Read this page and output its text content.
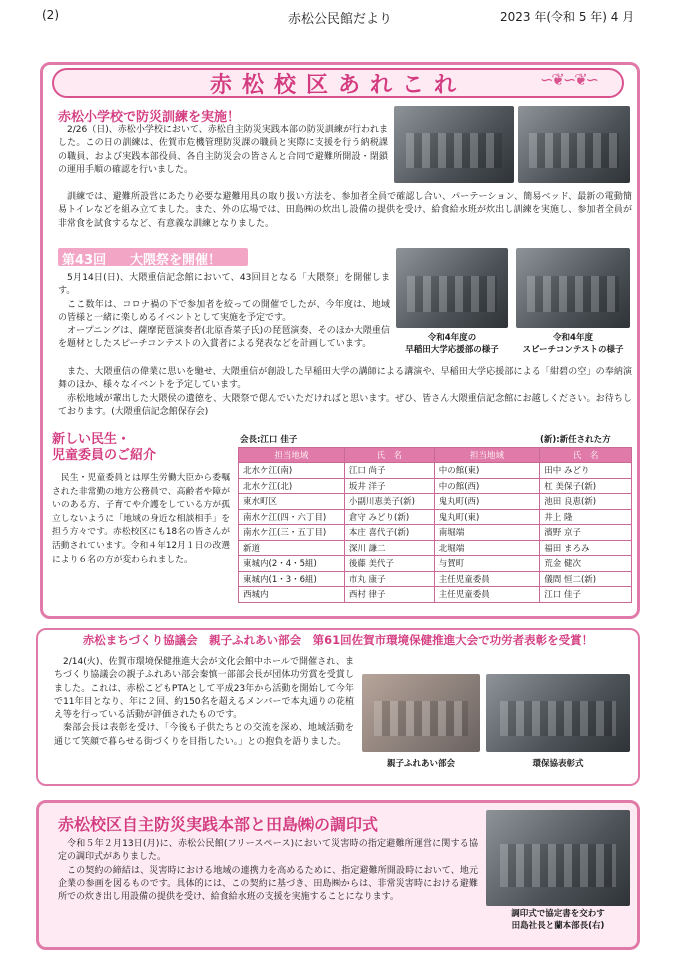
(2)	赤松公民館だより	2023 年(令和 5 年) 4 月
赤松校区あれこれ	∽❦∽❦∽
赤松小学校で防災訓練を実施！
2/26（日)、赤松小学校において、赤松自主防災実践本部の防災訓練が行われました。この日の訓練は、佐賀市危機管理防災課の職員と実際に支援を行う納税課の職員、および実践本部役員、各自主防災会の皆さんと合同で避難所開設・閉鎖の運用手順の確認を行いました。
訓練では、避難所設営にあたり必要な避難用具の取り扱い方法を、参加者全員で確認し合い、パーテーション、簡易ベッド、最新の電動簡易トイレなどを組み立てました。また、外の広場では、田島㈱の炊出し設備の提供を受け、給食給水班が炊出し訓練を実施し、参加者全員が非常食を試食するなど、有意義な訓練となりました。
第43回 大隈祭を開催！

5月14日(日)、大隈重信記念館において、43回目となる「大隈祭」を開催します。

ここ数年は、コロナ禍の下で参加者を絞っての開催でしたが、今年度は、地域の皆様と一緒に楽しめるイベントとして実施を予定です。

オープニングは、薩摩琵琶演奏者(北原香菜子氏)の琵琶演奏、そのほか大隈重信を題材としたスピーチコンテストの入賞者による発表などを計画しています。

令和4年度の
早稲田大学応援部の様子
令和4年度
スピーチコンテストの様子

また、大隈重信の偉業に思いを馳せ、大隈重信が創設した早稲田大学の講師による講演や、早稲田大学応援部による「紺碧の空」の奉納演舞のほか、様々なイベントを予定しています。

赤松地域が輩出した大隈侯の遺徳を、大隈祭で偲んでいただければと思います。ぜひ、皆さん大隈重信記念館にお越しください。お待ちしております。(大隈重信記念館保存会)

新しい民生・
児童委員のご紹介
民生・児童委員とは厚生労働大臣から委嘱された非常勤の地方公務員で、高齢者や障がいのある方、子育てや介護をしている方が孤立しないように「地域の身近な相談相手」を担う方々です。赤松校区にも18名の皆さんが活動されています。令和４年12月１日の改選により６名の方が変わられました。
会長:江口 佳子	(新):新任された方
担当地域	氏　名	担当地域	氏　名
北水ケ江(南)	江口 尚子	中の館(東)	田中 みどり
北水ケ江(北)	坂井 洋子	中の館(西)	杠 美保子(新)
東水町区	小副川恵美子(新)	鬼丸町(西)	池田 良恵(新)
南水ケ江(四・六丁目)	倉守 みどり(新)	鬼丸町(東)	井上 隆
南水ケ江(三・五丁目)	本庄 喜代子(新)	南堀端	濱野 京子
新道	深川 謙二	北堀端	福田 まろみ
東城内(2・4・5組)	後藤 美代子	与賀町	荒金 健次
東城内(1・3・6組)	市丸 康子	主任児童委員	儀間 恒二(新)
西城内	西村 律子	主任児童委員	江口 佳子
赤松まちづくり協議会　親子ふれあい部会　第61回佐賀市環境保健推進大会で功労者表彰を受賞！

2/14(火)、佐賀市環境保健推進大会が文化会館中ホールで開催され、まちづくり協議会の親子ふれあい部会秦慎一部部会長が団体功労賞を受賞しました。これは、赤松こどもPTAとして平成23年から活動を開始して今年で11年目となり、年に２回、約150名を超えるメンバーで本丸通りの花植え等を行っている活動が評価されたものです。

秦部会長は表彰を受け、「今後も子供たちとの交流を深め、地域活動を通じて笑顔で暮らせる街づくりを目指したい。」との抱負を語りました。

親子ふれあい部会	環保協表彰式
赤松校区自主防災実践本部と田島㈱の調印式

令和５年２月13日(月)に、赤松公民館(フリースペース)において災害時の指定避難所運営に関する協定の調印式がありました。

この契約の締結は、災害時における地域の連携力を高めるために、指定避難所開設時において、地元企業の参画を図るものです。具体的には、この契約に基づき、田島㈱からは、非常災害時における避難所での炊き出し用設備の提供を受け、給食給水班の支援を実施することになります。

調印式で協定書を交わす
田島社長と蘭本部長(右)
